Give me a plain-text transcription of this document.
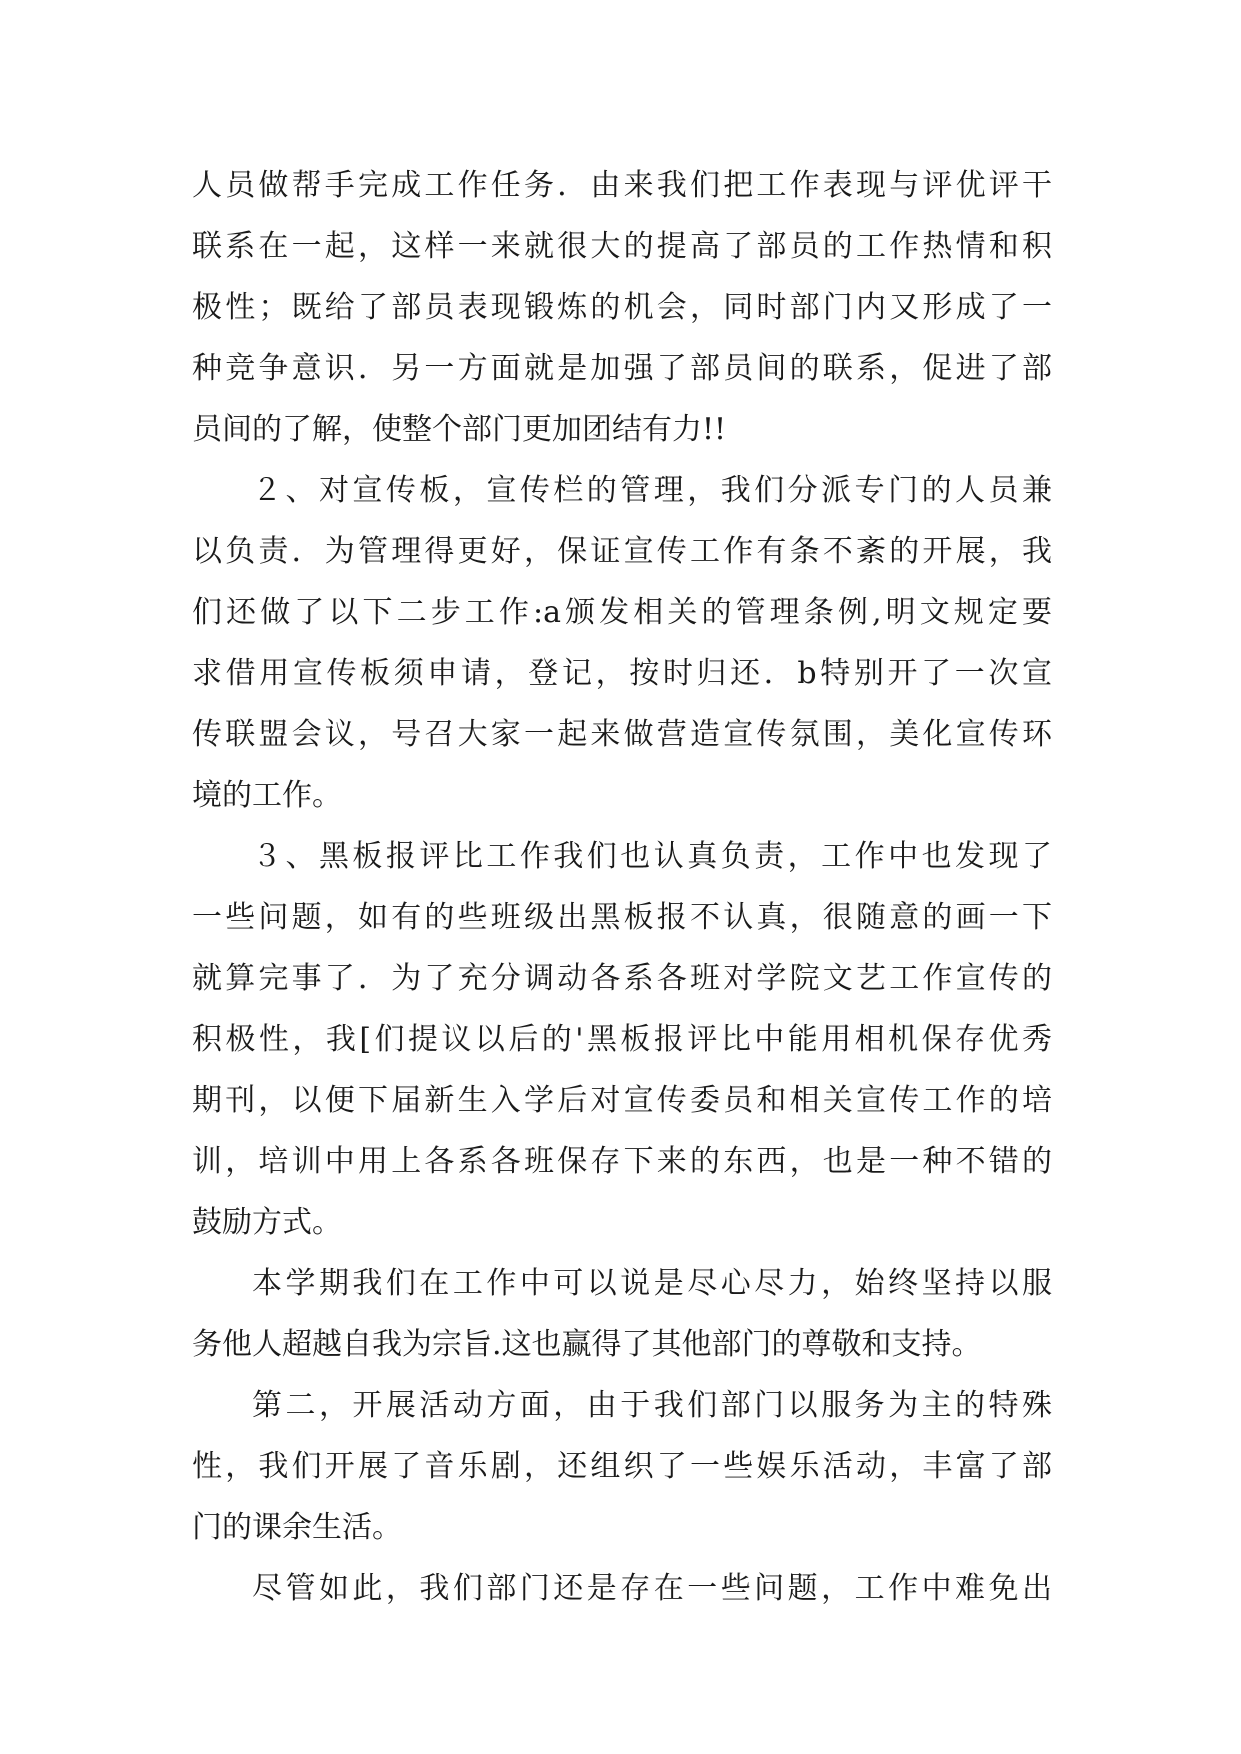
人员做帮手完成工作任务．由来我们把工作表现与评优评干
联系在一起，这样一来就很大的提高了部员的工作热情和积
极性；既给了部员表现锻炼的机会，同时部门内又形成了一
种竞争意识．另一方面就是加强了部员间的联系，促进了部
员间的了解，使整个部门更加团结有力!!
２、对宣传板，宣传栏的管理，我们分派专门的人员兼
以负责．为管理得更好，保证宣传工作有条不紊的开展，我
们还做了以下二步工作:a颁发相关的管理条例,明文规定要
求借用宣传板须申请，登记，按时归还．b特别开了一次宣
传联盟会议，号召大家一起来做营造宣传氛围，美化宣传环
境的工作。
３、黑板报评比工作我们也认真负责，工作中也发现了
一些问题，如有的些班级出黑板报不认真，很随意的画一下
就算完事了．为了充分调动各系各班对学院文艺工作宣传的
积极性，我[们提议以后的'黑板报评比中能用相机保存优秀
期刊，以便下届新生入学后对宣传委员和相关宣传工作的培
训，培训中用上各系各班保存下来的东西，也是一种不错的
鼓励方式。
本学期我们在工作中可以说是尽心尽力，始终坚持以服
务他人超越自我为宗旨.这也赢得了其他部门的尊敬和支持。
第二，开展活动方面，由于我们部门以服务为主的特殊
性，我们开展了音乐剧，还组织了一些娱乐活动，丰富了部
门的课余生活。
尽管如此，我们部门还是存在一些问题，工作中难免出
